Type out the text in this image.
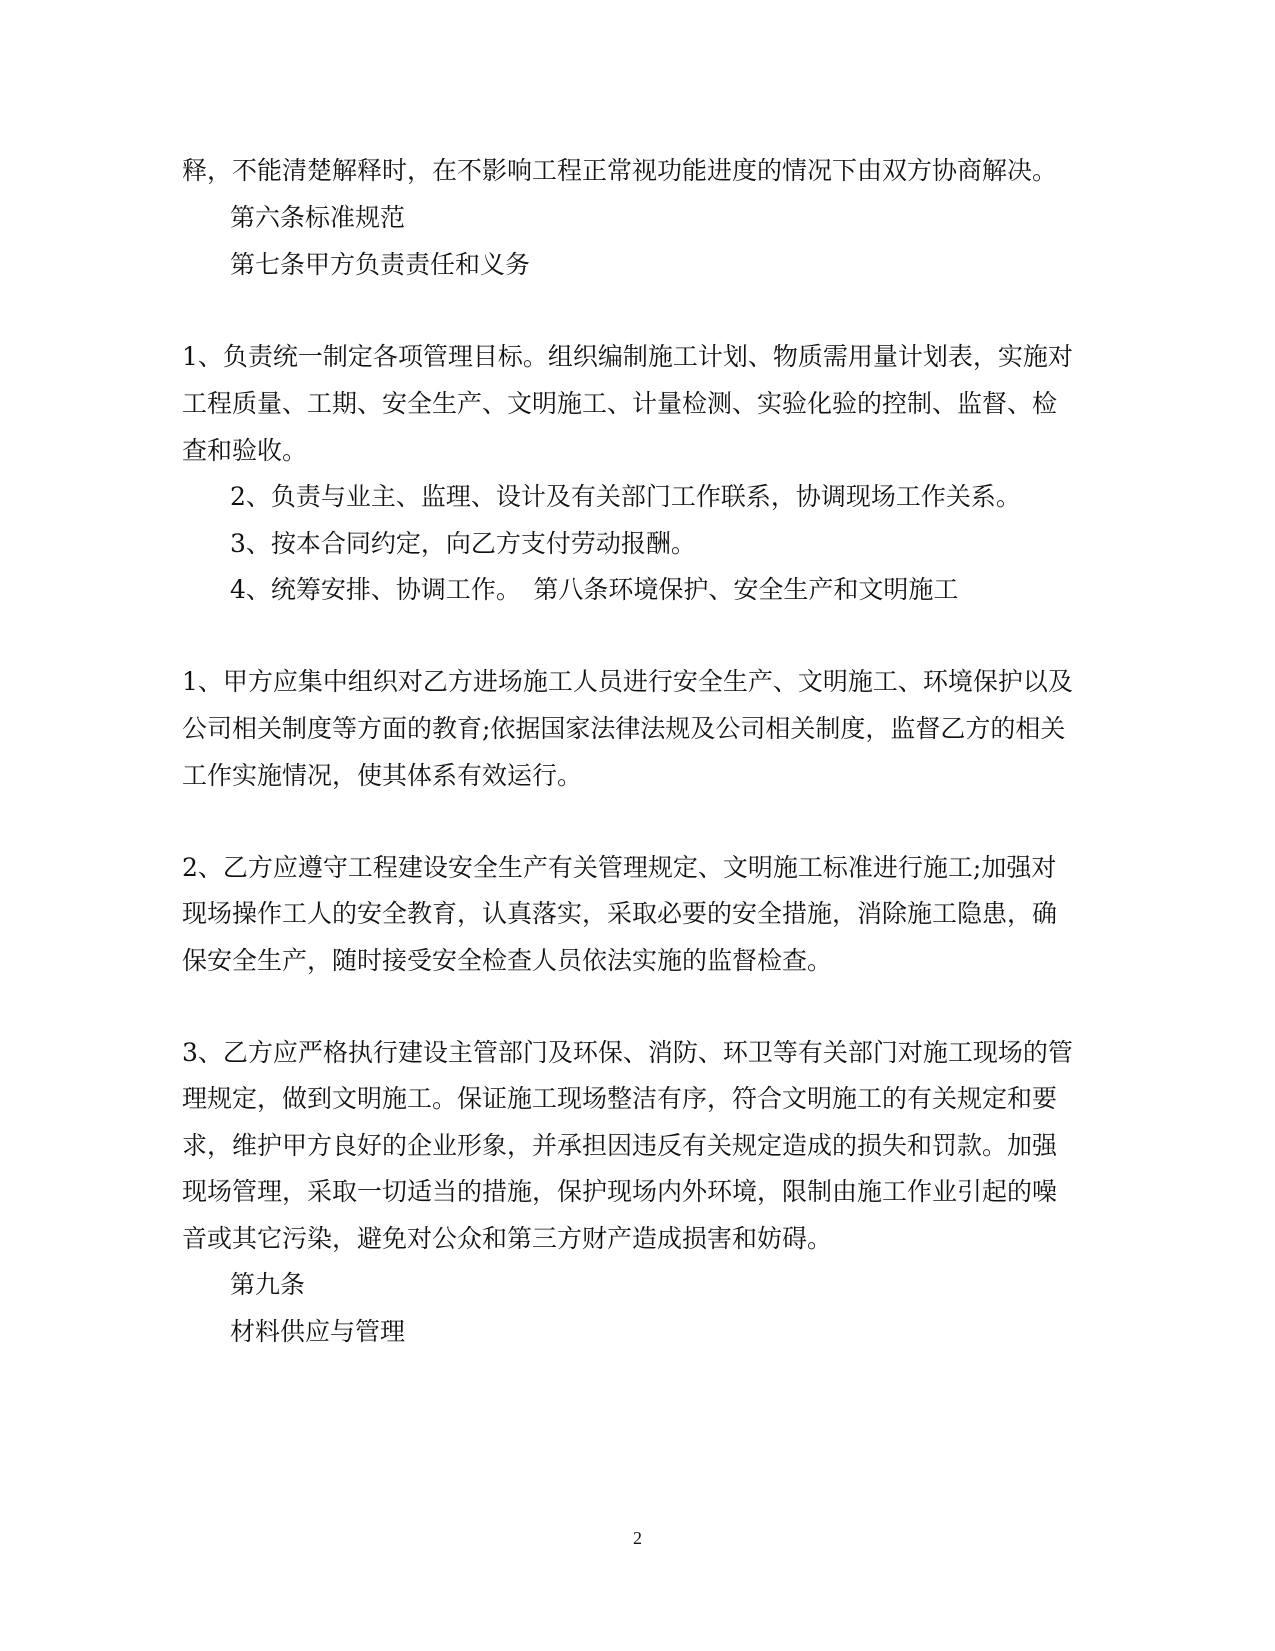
释，不能清楚解释时，在不影响工程正常视功能进度的情况下由双方协商解决。
第六条标准规范
第七条甲方负责责任和义务
1、负责统一制定各项管理目标。组织编制施工计划、物质需用量计划表，实施对
工程质量、工期、安全生产、文明施工、计量检测、实验化验的控制、监督、检
查和验收。
2、负责与业主、监理、设计及有关部门工作联系，协调现场工作关系。
3、按本合同约定，向乙方支付劳动报酬。
4、统筹安排、协调工作。　第八条环境保护、安全生产和文明施工
1、甲方应集中组织对乙方进场施工人员进行安全生产、文明施工、环境保护以及
公司相关制度等方面的教育;依据国家法律法规及公司相关制度，监督乙方的相关
工作实施情况，使其体系有效运行。
2、乙方应遵守工程建设安全生产有关管理规定、文明施工标准进行施工;加强对
现场操作工人的安全教育，认真落实，采取必要的安全措施，消除施工隐患，确
保安全生产，随时接受安全检查人员依法实施的监督检查。
3、乙方应严格执行建设主管部门及环保、消防、环卫等有关部门对施工现场的管
理规定，做到文明施工。保证施工现场整洁有序，符合文明施工的有关规定和要
求，维护甲方良好的企业形象，并承担因违反有关规定造成的损失和罚款。加强
现场管理，采取一切适当的措施，保护现场内外环境，限制由施工作业引起的噪
音或其它污染，避免对公众和第三方财产造成损害和妨碍。
第九条
材料供应与管理
2
